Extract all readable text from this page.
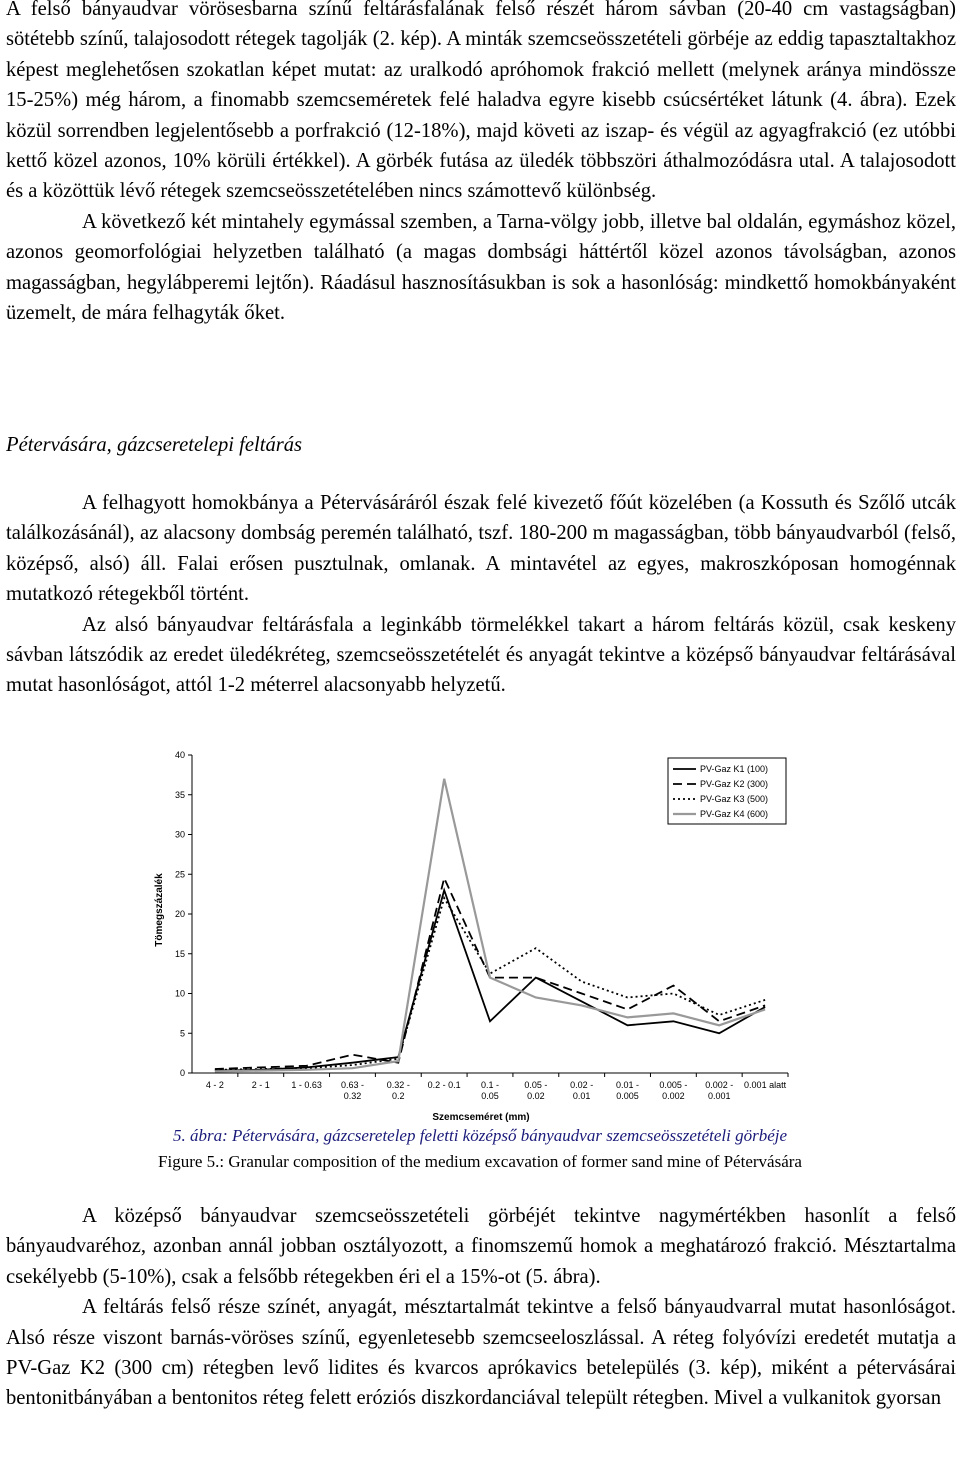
A felső bányaudvar vörösesbarna színű feltárásfalának felső részét három sávban (20-40 cm vastagságban) sötétebb színű, talajosodott rétegek tagolják (2. kép). A minták szemcseösszetételi görbéje az eddig tapasztaltakhoz képest meglehetősen szokatlan képet mutat: az uralkodó apróhomok frakció mellett (melynek aránya mindössze 15-25%) még három, a finomabb szemcseméretek felé haladva egyre kisebb csúcsértéket látunk (4. ábra). Ezek közül sorrendben legjelentősebb a porfrakció (12-18%), majd követi az iszap- és végül az agyagfrakció (ez utóbbi kettő közel azonos, 10% körüli értékkel). A görbék futása az üledék többszöri áthalmozódásra utal. A talajosodott és a közöttük lévő rétegek szemcseösszetételében nincs számottevő különbség.

A következő két mintahely egymással szemben, a Tarna-völgy jobb, illetve bal oldalán, egymáshoz közel, azonos geomorfológiai helyzetben található (a magas dombsági háttértől közel azonos távolságban, azonos magasságban, hegylábperemi lejtőn). Ráadásul hasznosításukban is sok a hasonlóság: mindkettő homokbányaként üzemelt, de mára felhagyták őket.

Pétervására, gázcseretelepi feltárás

A felhagyott homokbánya a Pétervásáráról észak felé kivezető főút közelében (a Kossuth és Szőlő utcák találkozásánál), az alacsony dombság peremén található, tszf. 180-200 m magasságban, több bányaudvarból (felső, középső, alsó) áll. Falai erősen pusztulnak, omlanak. A mintavétel az egyes, makroszkóposan homogénnak mutatkozó rétegekből történt.

Az alsó bányaudvar feltárásfala a leginkább törmelékkel takart a három feltárás közül, csak keskeny sávban látszódik az eredet üledékréteg, szemcseösszetételét és anyagát tekintve a középső bányaudvar feltárásával mutat hasonlóságot, attól 1-2 méterrel alacsonyabb helyzetű.

Tömegszázalék
Szemcseméret (mm)
0
5
10
15
20
25
30
35
40
4 - 2	2 - 1 1 - 0.63 0.63 -0.32
0.32 -0.2
0.2 - 0.1 0.1 -0.05
0.05 -0.02
0.02 -0.01
0.01 -0.005
0.005 -0.002
0.002 -0.001
0.001 alatt
PV-Gaz K1 (100)
PV-Gaz K2 (300)
PV-Gaz K3 (500)
PV-Gaz K4 (600)
5. ábra: Pétervására, gázcseretelep feletti középső bányaudvar szemcseösszetételi görbéje
Figure 5.: Granular composition of the medium excavation of former sand mine of Pétervására

A középső bányaudvar szemcseösszetételi görbéjét tekintve nagymértékben hasonlít a felső bányaudvaréhoz, azonban annál jobban osztályozott, a finomszemű homok a meghatározó frakció. Mésztartalma csekélyebb (5-10%), csak a felsőbb rétegekben éri el a 15%-ot (5. ábra).

A feltárás felső része színét, anyagát, mésztartalmát tekintve a felső bányaudvarral mutat hasonlóságot. Alsó része viszont barnás-vöröses színű, egyenletesebb szemcseeloszlással. A réteg folyóvízi eredetét mutatja a PV-Gaz K2 (300 cm) rétegben levő lidites és kvarcos aprókavics betelepülés (3. kép), miként a pétervásárai bentonitbányában a bentonitos réteg felett eróziós diszkordanciával települt rétegben. Mivel a vulkanitok gyorsan
